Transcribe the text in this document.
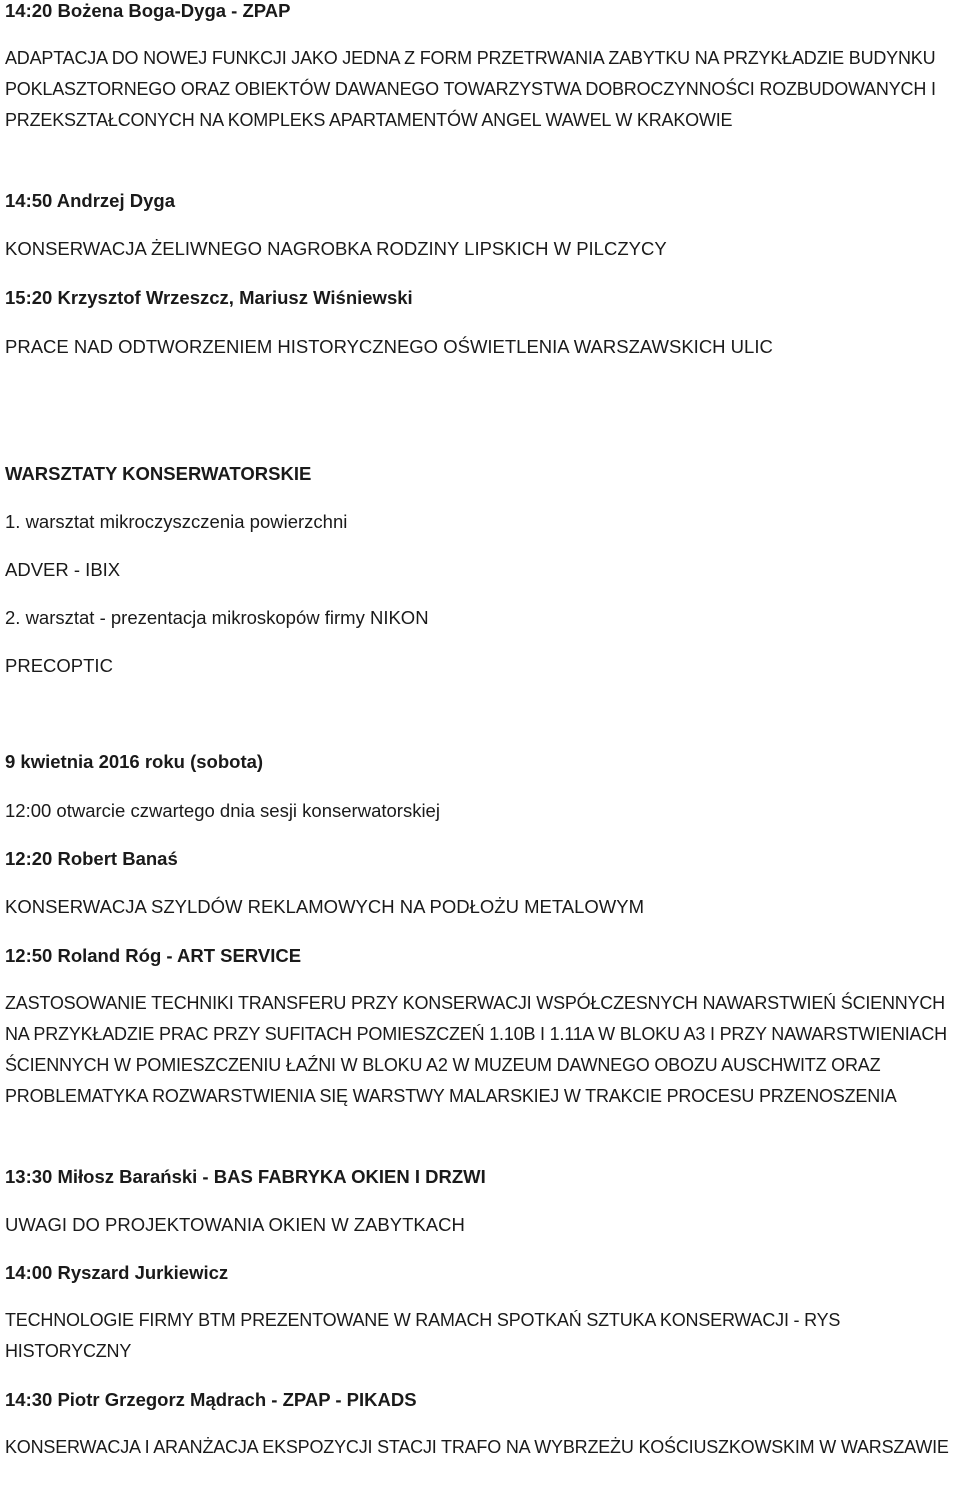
14:20 Bożena Boga-Dyga - ZPAP
ADAPTACJA DO NOWEJ FUNKCJI JAKO JEDNA Z FORM PRZETRWANIA ZABYTKU NA PRZYKŁADZIE BUDYNKU POKLASZTORNEGO ORAZ OBIEKTÓW DAWANEGO TOWARZYSTWA DOBROCZYNNOŚCI ROZBUDOWANYCH I PRZEKSZTAŁCONYCH NA KOMPLEKS APARTAMENTÓW ANGEL WAWEL W KRAKOWIE
14:50 Andrzej Dyga
KONSERWACJA ŻELIWNEGO NAGROBKA RODZINY LIPSKICH W PILCZYCY
15:20 Krzysztof Wrzeszcz, Mariusz Wiśniewski
PRACE NAD ODTWORZENIEM HISTORYCZNEGO OŚWIETLENIA WARSZAWSKICH ULIC
WARSZTATY KONSERWATORSKIE
1. warsztat mikroczyszczenia powierzchni
ADVER - IBIX
2. warsztat - prezentacja mikroskopów firmy NIKON
PRECOPTIC
9 kwietnia 2016 roku (sobota)
12:00 otwarcie czwartego dnia sesji konserwatorskiej
12:20 Robert Banaś
KONSERWACJA SZYLDÓW REKLAMOWYCH NA PODŁOŻU METALOWYM
12:50 Roland Róg - ART SERVICE
ZASTOSOWANIE TECHNIKI TRANSFERU PRZY KONSERWACJI WSPÓŁCZESNYCH NAWARSTWIEŃ ŚCIENNYCH NA PRZYKŁADZIE PRAC PRZY SUFITACH POMIESZCZEŃ 1.10B I 1.11A W BLOKU A3 I PRZY NAWARSTWIENIACH ŚCIENNYCH W POMIESZCZENIU ŁAŹNI W BLOKU A2 W MUZEUM DAWNEGO OBOZU AUSCHWITZ ORAZ PROBLEMATYKA ROZWARSTWIENIA SIĘ WARSTWY MALARSKIEJ W TRAKCIE PROCESU PRZENOSZENIA
13:30 Miłosz Barański - BAS FABRYKA OKIEN I DRZWI
UWAGI DO PROJEKTOWANIA OKIEN W ZABYTKACH
14:00 Ryszard Jurkiewicz
TECHNOLOGIE FIRMY BTM PREZENTOWANE W RAMACH SPOTKAŃ SZTUKA KONSERWACJI - RYS HISTORYCZNY
14:30 Piotr Grzegorz Mądrach - ZPAP - PIKADS
KONSERWACJA I ARANŻACJA EKSPOZYCJI STACJI TRAFO NA WYBRZEŻU KOŚCIUSZKOWSKIM W WARSZAWIE
